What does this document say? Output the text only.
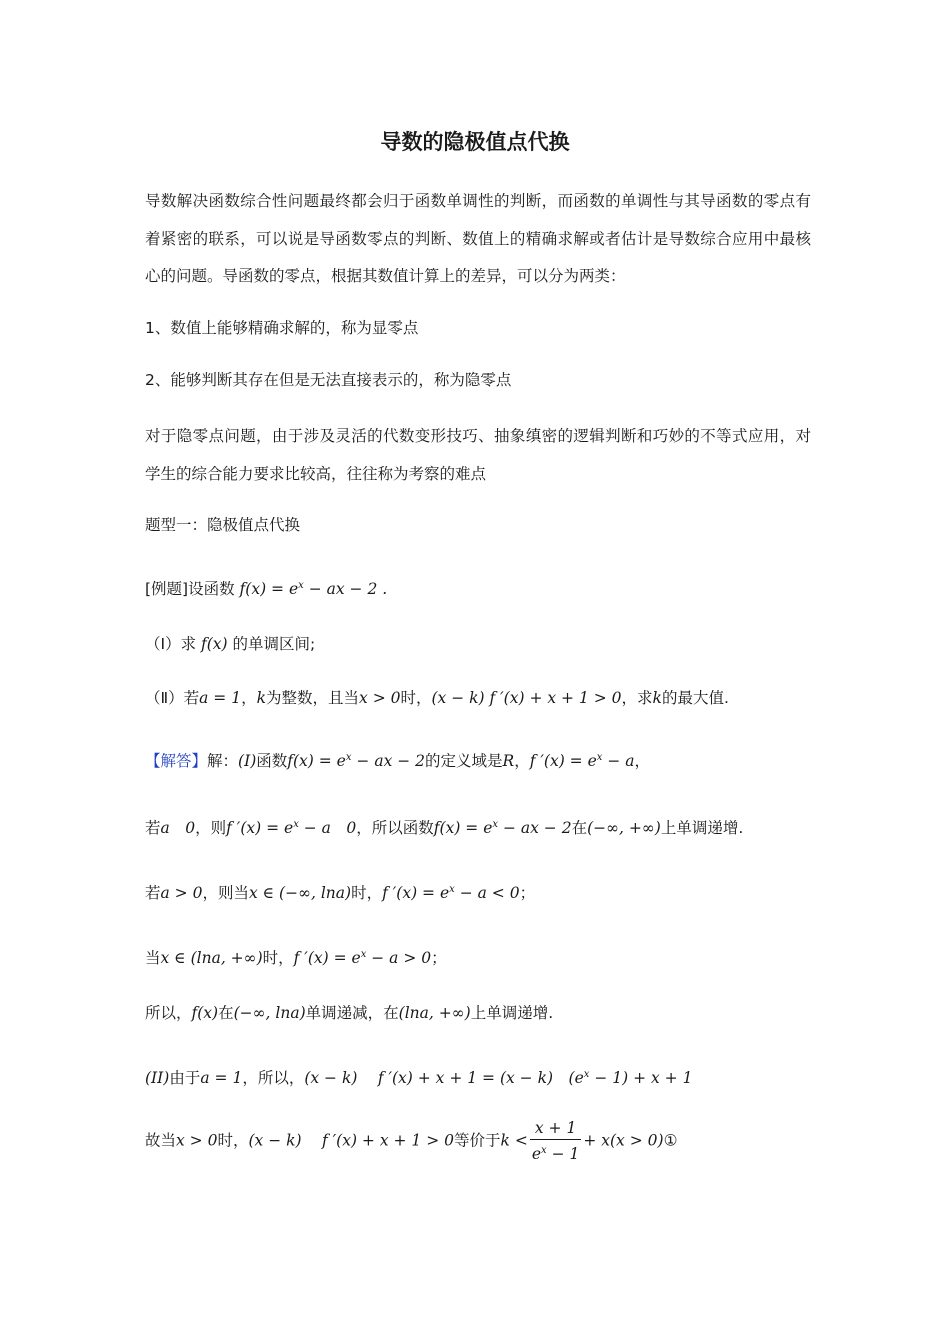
导数的隐极值点代换
导数解决函数综合性问题最终都会归于函数单调性的判断，而函数的单调性与其导函数的零点有着紧密的联系，可以说是导函数零点的判断、数值上的精确求解或者估计是导数综合应用中最核心的问题。导函数的零点，根据其数值计算上的差异，可以分为两类：
1、数值上能够精确求解的，称为显零点
2、能够判断其存在但是无法直接表示的，称为隐零点
对于隐零点问题，由于涉及灵活的代数变形技巧、抽象缜密的逻辑判断和巧妙的不等式应用，对学生的综合能力要求比较高，往往称为考察的难点
题型一：隐极值点代换
[例题]设函数 $f(x) = e^x$ − ax − 2 .
（Ⅰ）求 f(x) 的单调区间;
（Ⅱ）若a = 1，k为整数，且当x > 0时，(x − k) f ′(x) + x + 1 > 0，求k的最大值.
【解答】解：(I)函数$f(x) = e^x$ − ax − 2的定义域是R，f $'(x) = e^x - a$，
若a　0，则f $'(x) = e^x - a$　0，所以函数$f(x) = e^x$ − ax − 2在(−∞, +∞)上单调递增.
若a > 0，则当x ∈ (−∞, lna)时，f $'(x) = e^x - a < 0$；
当x ∈ (lna, +∞)时，f $'(x) = e^x - a > 0$；
所以，f(x)在(−∞, lna)单调递减，在(lna, +∞)上单调递增.
(II)由于a = 1，所以，(x − k)　 f ′(x) + x + 1 = (x − k)　$(e^x - 1) + x + 1$
故当x > 0时，(x − k)　 f ′(x) + x + 1 > 0等价于$k < \frac{x + 1}{e^x - 1} + x(x$ > 0)①
